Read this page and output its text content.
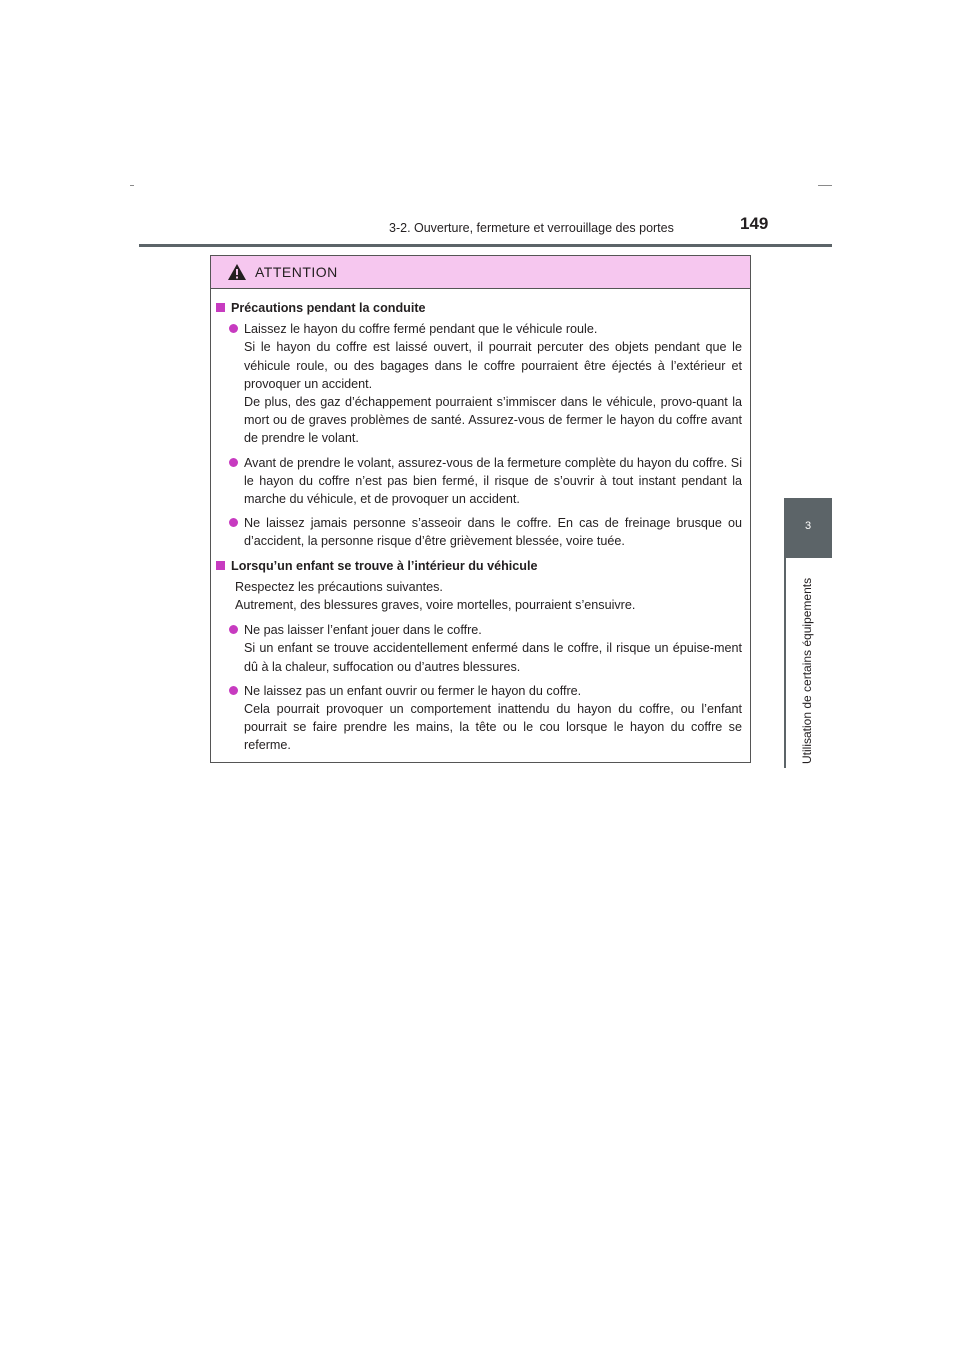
3-2. Ouverture, fermeture et verrouillage des portes	149
3
Utilisation de certains équipements
ATTENTION
Précautions pendant la conduite

Laissez le hayon du coffre fermé pendant que le véhicule roule.

Si le hayon du coffre est laissé ouvert, il pourrait percuter des objets pendant que le véhicule roule, ou des bagages dans le coffre pourraient être éjectés à l’extérieur et provoquer un accident.

De plus, des gaz d’échappement pourraient s’immiscer dans le véhicule, provo-quant la mort ou de graves problèmes de santé. Assurez-vous de fermer le hayon du coffre avant de prendre le volant.

Avant de prendre le volant, assurez-vous de la fermeture complète du hayon du coffre. Si le hayon du coffre n’est pas bien fermé, il risque de s’ouvrir à tout instant pendant la marche du véhicule, et de provoquer un accident.

Ne laissez jamais personne s’asseoir dans le coffre. En cas de freinage brusque ou d’accident, la personne risque d’être grièvement blessée, voire tuée.

Lorsqu’un enfant se trouve à l’intérieur du véhicule

Respectez les précautions suivantes.

Autrement, des blessures graves, voire mortelles, pourraient s’ensuivre.

Ne pas laisser l’enfant jouer dans le coffre.

Si un enfant se trouve accidentellement enfermé dans le coffre, il risque un épuise-ment dû à la chaleur, suffocation ou d’autres blessures.

Ne laissez pas un enfant ouvrir ou fermer le hayon du coffre.

Cela pourrait provoquer un comportement inattendu du hayon du coffre, ou l’enfant pourrait se faire prendre les mains, la tête ou le cou lorsque le hayon du coffre se referme.
